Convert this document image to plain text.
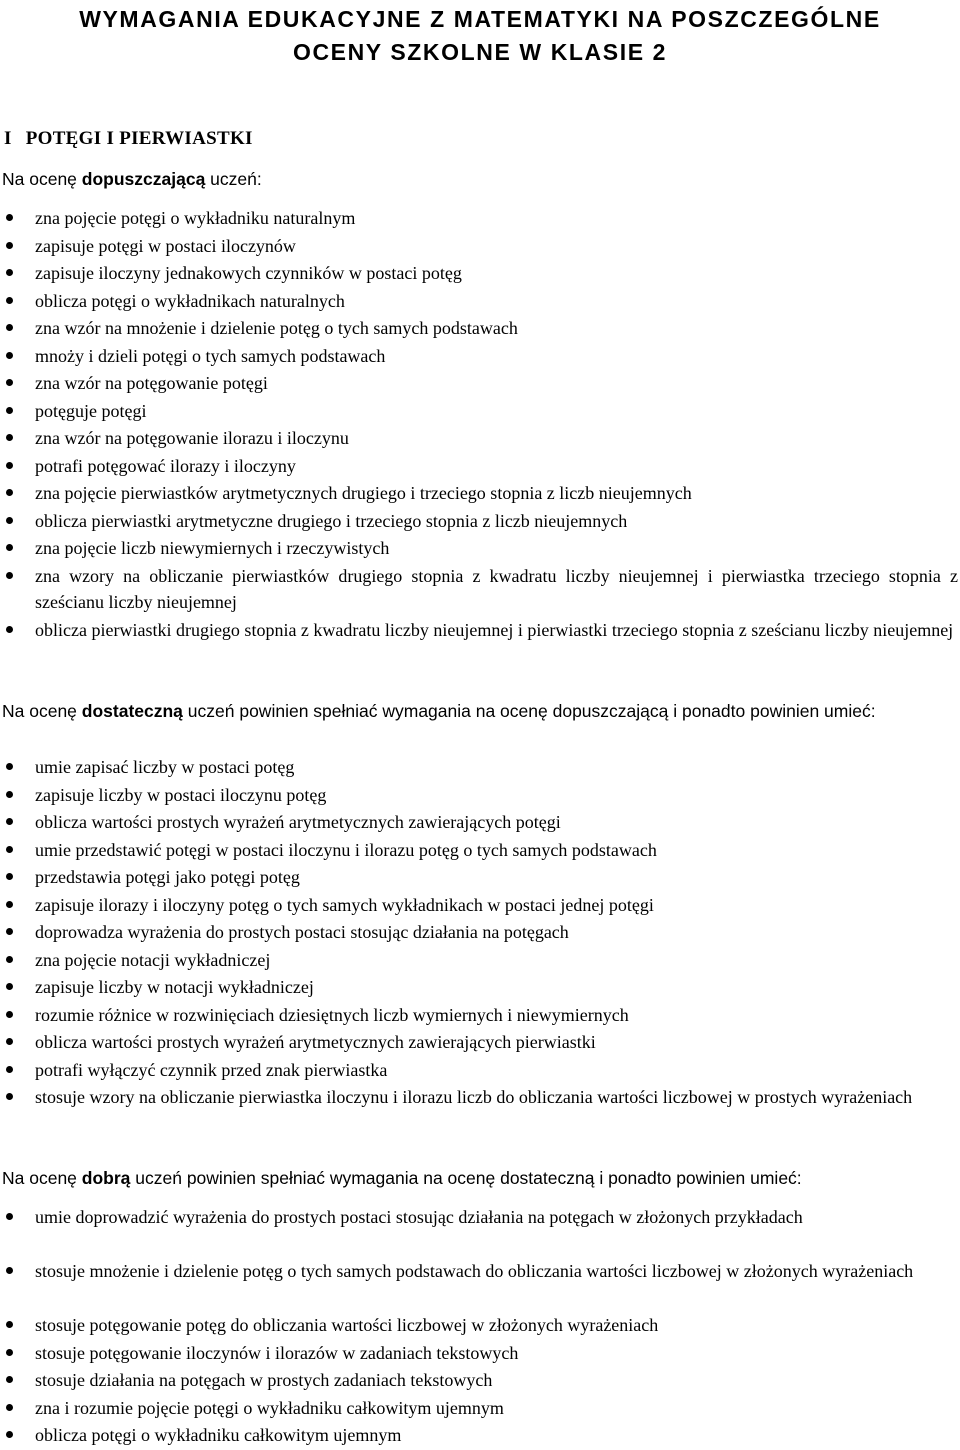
WYMAGANIA EDUKACYJNE Z MATEMATYKI NA POSZCZEGÓLNE
OCENY SZKOLNE W KLASIE 2
I POTĘGI I PIERWIASTKI

Na ocenę dopuszczającą uczeń:

zna pojęcie potęgi o wykładniku naturalnym
zapisuje potęgi w postaci iloczynów
zapisuje iloczyny jednakowych czynników w postaci potęg
oblicza potęgi o wykładnikach naturalnych
zna wzór na mnożenie i dzielenie potęg o tych samych podstawach
mnoży i dzieli potęgi o tych samych podstawach
zna wzór na potęgowanie potęgi
potęguje potęgi
zna wzór na potęgowanie ilorazu i iloczynu
potrafi potęgować ilorazy i iloczyny
zna pojęcie pierwiastków arytmetycznych drugiego i trzeciego stopnia z liczb nieujemnych
oblicza pierwiastki arytmetyczne drugiego i trzeciego stopnia z liczb nieujemnych
zna pojęcie liczb niewymiernych i rzeczywistych
zna wzory na obliczanie pierwiastków drugiego stopnia z kwadratu liczby nieujemnej i pierwiastka trzeciego stopnia z sześcianu liczby nieujemnej
oblicza pierwiastki drugiego stopnia z kwadratu liczby nieujemnej i pierwiastki trzeciego stopnia z sześcianu liczby nieujemnej

Na ocenę dostateczną uczeń powinien spełniać wymagania na ocenę dopuszczającą i ponadto powinien umieć:

umie zapisać liczby w postaci potęg
zapisuje liczby w postaci iloczynu potęg
oblicza wartości prostych wyrażeń arytmetycznych zawierających potęgi
umie przedstawić potęgi w postaci iloczynu i ilorazu potęg o tych samych podstawach
przedstawia potęgi jako potęgi potęg
zapisuje ilorazy i iloczyny potęg o tych samych wykładnikach w postaci jednej potęgi
doprowadza wyrażenia do prostych postaci stosując działania na potęgach
zna pojęcie notacji wykładniczej
zapisuje liczby w notacji wykładniczej
rozumie różnice w rozwinięciach dziesiętnych liczb wymiernych i niewymiernych
oblicza wartości prostych wyrażeń arytmetycznych zawierających pierwiastki
potrafi wyłączyć czynnik przed znak pierwiastka
stosuje wzory na obliczanie pierwiastka iloczynu i ilorazu liczb do obliczania wartości liczbowej w prostych wyrażeniach

Na ocenę dobrą uczeń powinien spełniać wymagania na ocenę dostateczną i ponadto powinien umieć:

umie doprowadzić wyrażenia do prostych postaci stosując działania na potęgach w złożonych przykładach
stosuje mnożenie i dzielenie potęg o tych samych podstawach do obliczania wartości liczbowej w złożonych wyrażeniach
stosuje potęgowanie potęg do obliczania wartości liczbowej w złożonych wyrażeniach
stosuje potęgowanie iloczynów i ilorazów w zadaniach tekstowych
stosuje działania na potęgach w prostych zadaniach tekstowych
zna i rozumie pojęcie potęgi o wykładniku całkowitym ujemnym
oblicza potęgi o wykładniku całkowitym ujemnym
